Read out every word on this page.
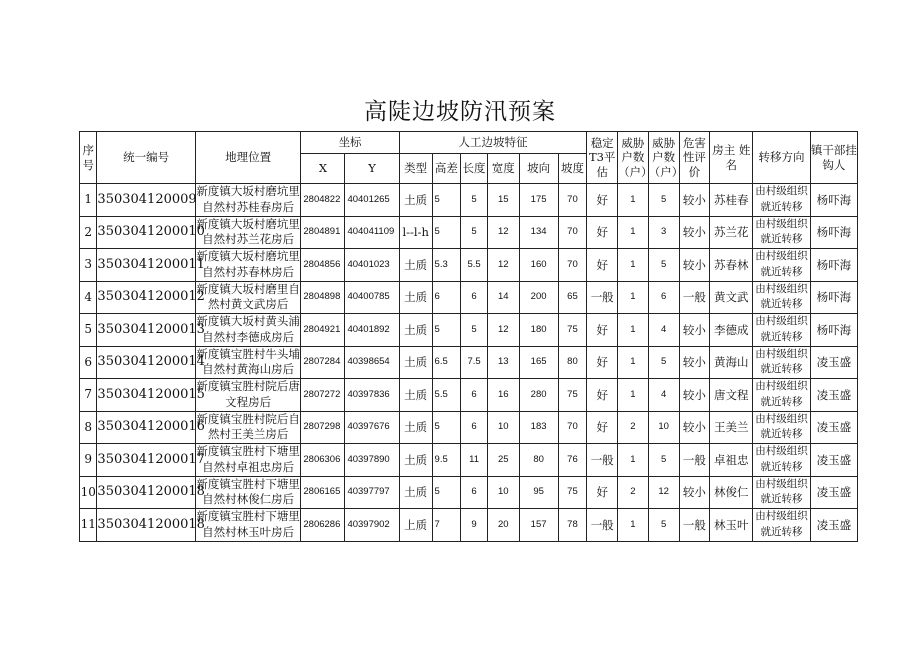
高陡边坡防汛预案
序号	统一编号	地理位置	坐标		人工边坡特征						稳定T3平估	威胁户数（户）	威胁户数（户）	危害性评价	房主 姓名	转移方向	镇干部挂钩人
			X	Y	类型	高差	长度	宽度	坡向	坡度							
1	350304120009	新度镇大坂村磨坑里自然村苏桂春房后	2804822	40401265	土质	5	5	15	175	70	好	1	5	较小	苏桂春	由村级组织就近转移	杨吓海
2	3503041200010	新度镇大坂村磨坑里自然村苏兰花房后	2804891	404041109	l--l-h	5	5	12	134	70	好	1	3	较小	苏兰花	由村级组织就近转移	杨吓海
3	3503041200011	新度镇大坂村磨坑里自然村苏春林房后	2804856	40401023	土质	5.3	5.5	12	160	70	好	1	5	较小	苏春林	由村级组织就近转移	杨吓海
4	3503041200012	新度镇大坂村磨里自然村黄文武房后	2804898	40400785	土质	6	6	14	200	65	一般	1	6	一般	黄文武	由村级组织就近转移	杨吓海
5	3503041200013	新度镇大坂村黄头浦自然村李德成房后	2804921	40401892	土质	5	5	12	180	75	好	1	4	较小	李德成	由村级组织就近转移	杨吓海
6	3503041200014	新度镇宝胜村牛头埔自然村黄海山房后	2807284	40398654	土质	6.5	7.5	13	165	80	好	1	5	较小	黄海山	由村级组织就近转移	凌玉盛
7	3503041200015	新度镇宝胜村院后唐文程房后	2807272	40397836	土质	5.5	6	16	280	75	好	1	4	较小	唐文程	由村级组织就近转移	凌玉盛
8	3503041200016	新度镇宝胜村院后自然村王美兰房后	2807298	40397676	土质	5	6	10	183	70	好	2	10	较小	王美兰	由村级组织就近转移	凌玉盛
9	3503041200017	新度镇宝胜村下塘里自然村卓祖忠房后	2806306	40397890	土质	9.5	11	25	80	76	一般	1	5	一般	卓祖忠	由村级组织就近转移	凌玉盛
10	3503041200018	新度镇宝胜村下塘里自然村林俊仁房后	2806165	40397797	土质	5	6	10	95	75	好	2	12	较小	林俊仁	由村级组织就近转移	凌玉盛
11	3503041200018	新度镇宝胜村下塘里自然村林玉叶房后	2806286	40397902	上质	7	9	20	157	78	一般	1	5	一般	林玉叶	由村级组织就近转移	凌玉盛
